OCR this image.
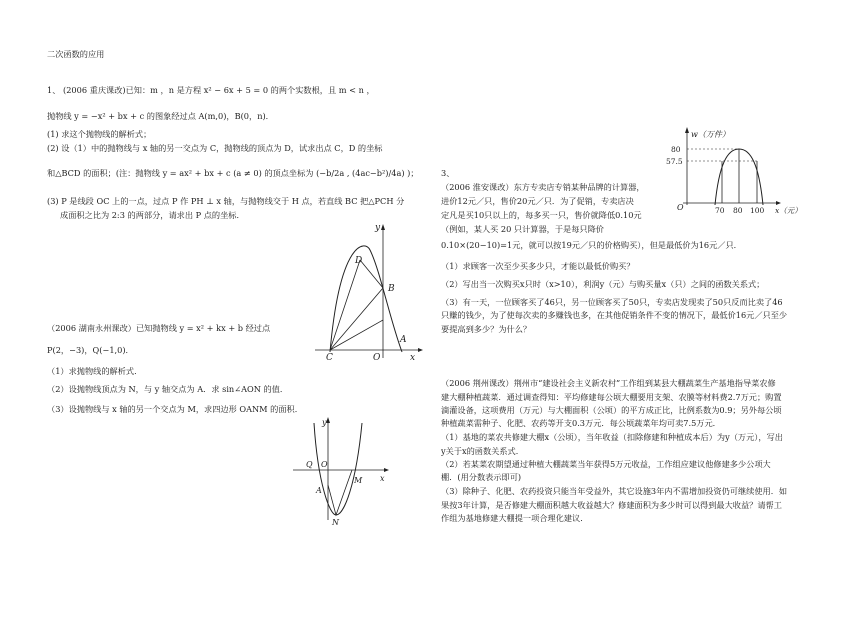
二次函数的应用
1、 (2006 重庆课改)已知：m ，n 是方程 x² − 6x + 5 = 0 的两个实数根，且 m < n ，
抛物线 y = −x² + bx + c 的图象经过点 A(m,0)，B(0，n)．
(1) 求这个抛物线的解析式；
(2) 设（1）中的抛物线与 x 轴的另一交点为 C，抛物线的顶点为 D，试求出点 C，D 的坐标
和△BCD 的面积；(注：抛物线 y = ax² + bx + c (a ≠ 0) 的顶点坐标为 (−b/2a , (4ac−b²)/4a) )；
(3) P 是线段 OC 上的一点，过点 P 作 PH ⊥ x 轴，与抛物线交于 H 点，若直线 BC 把△PCH 分
成面积之比为 2:3 的两部分，请求出 P 点的坐标．
D
B
A
C	O	x
y
（2006 湖南永州课改）已知抛物线 y = x² + kx + b 经过点
P(2，−3)，Q(−1,0)．
（1）求抛物线的解析式．
（2）设抛物线顶点为 N，与 y 轴交点为 A．求 sin∠AON 的值．
（3）设抛物线与 x 轴的另一个交点为 M，求四边形 OANM 的面积．
y
x
Q O
A
M
N
3、
（2006 淮安课改）东方专卖店专销某种品牌的计算器，
进价12元／只，售价20元／只．为了促销，专卖店决
定凡是买10只以上的，每多买一只，售价就降低0.10元
（例如，某人买 20 只计算器，于是每只降价
0.10×(20−10)=1元，就可以按19元／只的价格购买），但是最低价为16元／只．
（1）求顾客一次至少买多少只，才能以最低价购买？
（2）写出当一次购买x只时（x>10），利润y（元）与购买量x（只）之间的函数关系式；
（3）有一天，一位顾客买了46只，另一位顾客买了50只，专卖店发现卖了50只反而比卖了46
只赚的钱少，为了使每次卖的多赚钱也多，在其他促销条件不变的情况下，最低价16元／只至少
要提高到多少？为什么？
w（万件）
80
57.5
O	70 80 100 x（元）
（2006 荆州课改）荆州市“建设社会主义新农村”工作组到某县大棚蔬菜生产基地指导菜农修
建大棚种植蔬菜．通过调查得知：平均修建每公顷大棚要用支架、农膜等材料费2.7万元；购置
滴灌设备，这项费用（万元）与大棚面积（公顷）的平方成正比，比例系数为0.9；另外每公顷
种植蔬菜需种子、化肥、农药等开支0.3万元．每公顷蔬菜年均可卖7.5万元．
（1）基地的菜农共修建大棚x（公顷），当年收益（扣除修建和种植成本后）为y（万元），写出
y关于x的函数关系式．
（2）若某菜农期望通过种植大棚蔬菜当年获得5万元收益，工作组应建议他修建多少公项大
棚．(用分数表示即可)
（3）除种子、化肥、农药投资只能当年受益外，其它设施3年内不需增加投资仍可继续使用．如
果按3年计算，是否修建大棚面积越大收益越大？修建面积为多少时可以得到最大收益？请帮工
作组为基地修建大棚提一项合理化建议．
